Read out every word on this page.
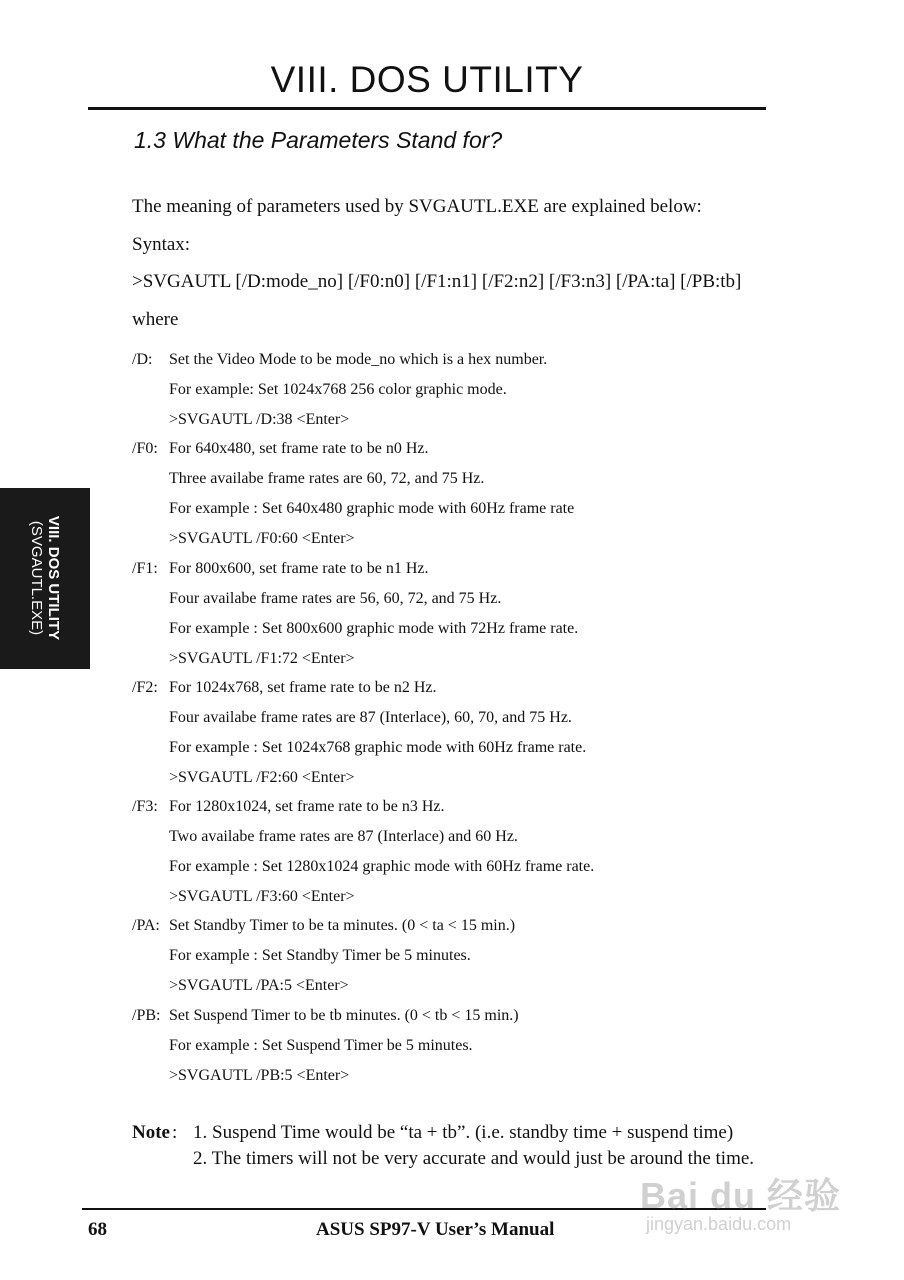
VIII. DOS UTILITY
1.3 What the Parameters Stand for?
VIII. DOS UTILITY
(SVGAUTL.EXE)
The meaning of parameters used by SVGAUTL.EXE are explained below:
Syntax:
>SVGAUTL [/D:mode_no] [/F0:n0] [/F1:n1] [/F2:n2] [/F3:n3] [/PA:ta] [/PB:tb]
where
/D: Set the Video Mode to be mode_no which is a hex number.
For example: Set 1024x768 256 color graphic mode.
>SVGAUTL /D:38 <Enter>
/F0: For 640x480, set frame rate to be n0 Hz.
Three availabe frame rates are 60, 72, and 75 Hz.
For example : Set 640x480 graphic mode with 60Hz frame rate
>SVGAUTL /F0:60 <Enter>
/F1: For 800x600, set frame rate to be n1 Hz.
Four availabe frame rates are 56, 60, 72, and 75 Hz.
For example : Set 800x600 graphic mode with 72Hz frame rate.
>SVGAUTL /F1:72 <Enter>
/F2: For 1024x768, set frame rate to be n2 Hz.
Four availabe frame rates are 87 (Interlace), 60, 70, and 75 Hz.
For example : Set 1024x768 graphic mode with 60Hz frame rate.
>SVGAUTL /F2:60 <Enter>
/F3: For 1280x1024, set frame rate to be n3 Hz.
Two availabe frame rates are 87 (Interlace) and 60 Hz.
For example : Set 1280x1024 graphic mode with 60Hz frame rate.
>SVGAUTL /F3:60 <Enter>
/PA: Set Standby Timer to be ta minutes. (0 < ta < 15 min.)
For example : Set Standby Timer be 5 minutes.
>SVGAUTL /PA:5 <Enter>
/PB: Set Suspend Timer to be tb minutes. (0 < tb < 15 min.)
For example : Set Suspend Timer be 5 minutes.
>SVGAUTL /PB:5 <Enter>
Note : 1. Suspend Time would be “ta + tb”. (i.e. standby time + suspend time)
2. The timers will not be very accurate and would just be around the time.
68	ASUS SP97-V User’s Manual
Bai du 经验
jingyan.baidu.com
